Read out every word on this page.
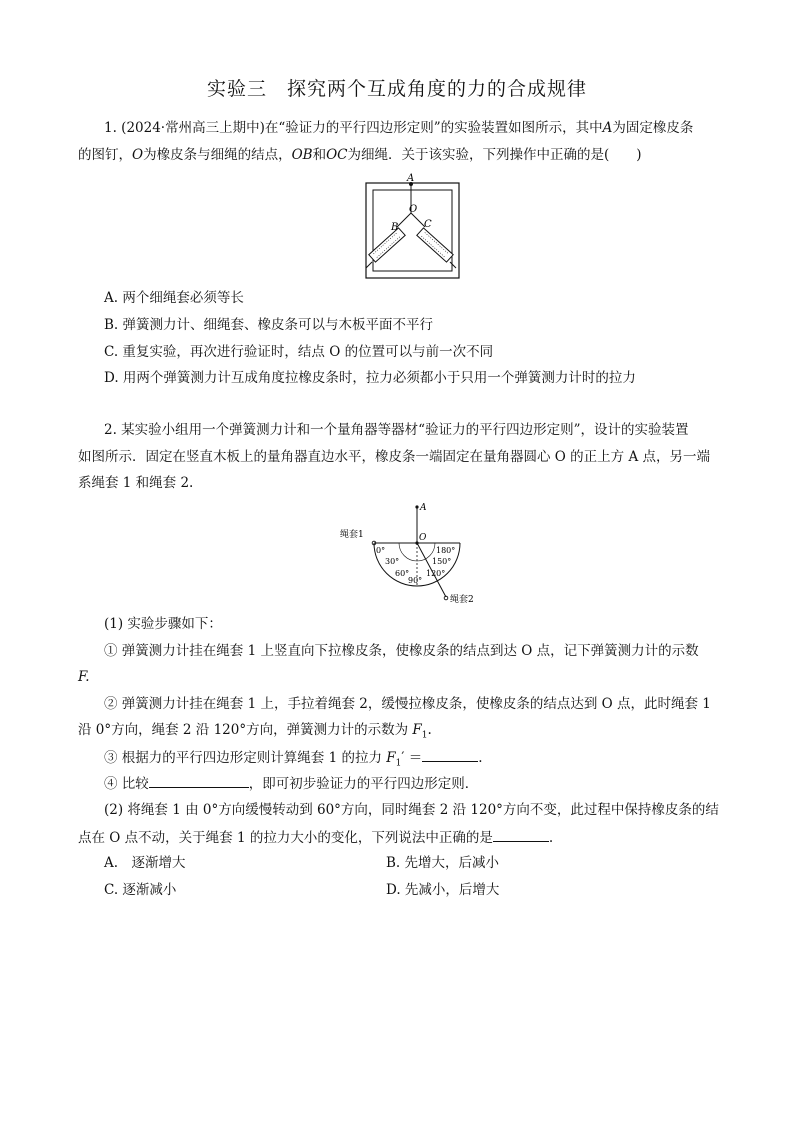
实验三　探究两个互成角度的力的合成规律
1. (2024·常州高三上期中)在“验证力的平行四边形定则”的实验装置如图所示，其中A为固定橡皮条
的图钉，O为橡皮条与细绳的结点，OB和OC为细绳．关于该实验，下列操作中正确的是(　　)
A
O
B	C
A. 两个细绳套必须等长
B. 弹簧测力计、细绳套、橡皮条可以与木板平面不平行
C. 重复实验，再次进行验证时，结点 O 的位置可以与前一次不同
D. 用两个弹簧测力计互成角度拉橡皮条时，拉力必须都小于只用一个弹簧测力计时的拉力
2. 某实验小组用一个弹簧测力计和一个量角器等器材“验证力的平行四边形定则”，设计的实验装置
如图所示．固定在竖直木板上的量角器直边水平，橡皮条一端固定在量角器圆心 O 的正上方 A 点，另一端
系绳套 1 和绳套 2.
A
O
绳套1
绳套2
0°
30°
60°
90°
120°
150°
180°
(1) 实验步骤如下：
① 弹簧测力计挂在绳套 1 上竖直向下拉橡皮条，使橡皮条的结点到达 O 点，记下弹簧测力计的示数
F.
② 弹簧测力计挂在绳套 1 上，手拉着绳套 2，缓慢拉橡皮条，使橡皮条的结点达到 O 点，此时绳套 1
沿 0°方向，绳套 2 沿 120°方向，弹簧测力计的示数为 $F_1$.
③ 根据力的平行四边形定则计算绳套 1 的拉力 $F_1'$ ＝	.
④ 比较	，即可初步验证力的平行四边形定则．
(2) 将绳套 1 由 0°方向缓慢转动到 60°方向，同时绳套 2 沿 120°方向不变，此过程中保持橡皮条的结
点在 O 点不动，关于绳套 1 的拉力大小的变化，下列说法中正确的是	.
A.　逐渐增大	B. 先增大，后减小
C. 逐渐减小	D. 先减小，后增大
